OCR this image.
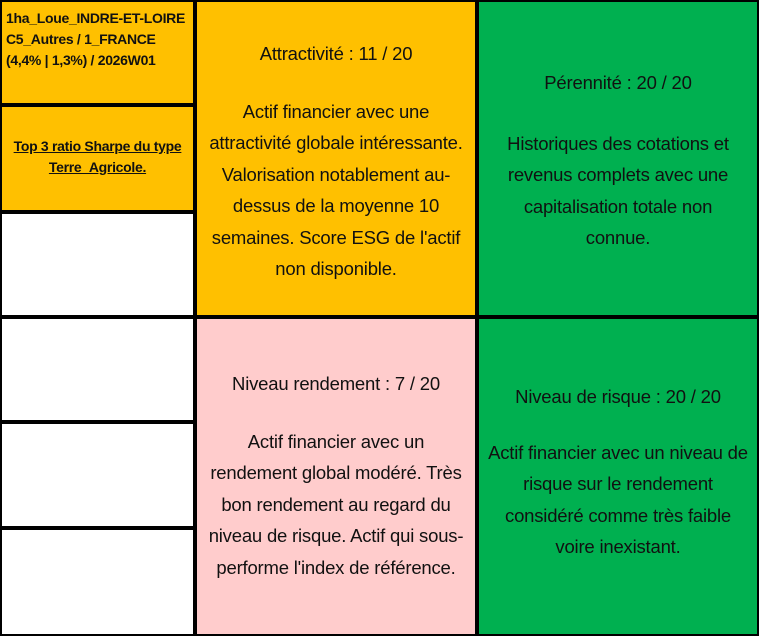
1ha_Loue_INDRE-ET-LOIRE
C5_Autres / 1_FRANCE
(4,4% | 1,3%) / 2026W01
Top 3 ratio Sharpe du type
Terre_Agricole.
Attractivité : 11 / 20
Actif financier avec une
attractivité globale intéressante.
Valorisation notablement au-
dessus de la moyenne 10
semaines. Score ESG de l'actif
non disponible.
Pérennité : 20 / 20
Historiques des cotations et
revenus complets avec une
capitalisation totale non
connue.
Niveau rendement : 7 / 20
Actif financier avec un
rendement global modéré. Très
bon rendement au regard du
niveau de risque. Actif qui sous-
performe l'index de référence.
Niveau de risque : 20 / 20
Actif financier avec un niveau de
risque sur le rendement
considéré comme très faible
voire inexistant.
